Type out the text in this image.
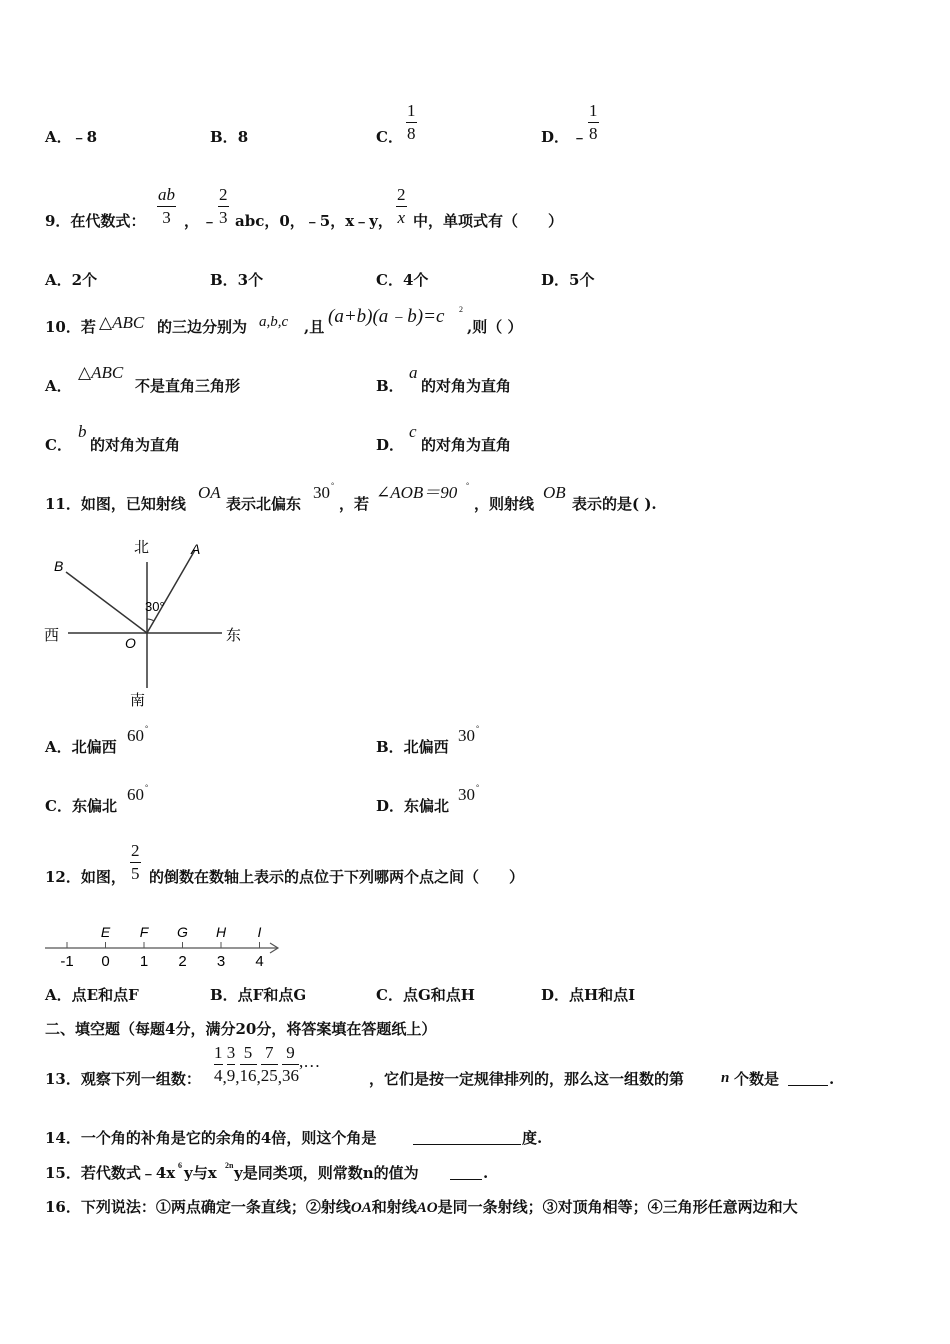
A．﹣8	B．8	C．
1
8	D． ﹣
1
8
9．在代数式：
ab
3 ， ﹣
2
3 abc，0，﹣5，x﹣y，
2
x 中，单项式有（　　）
A．2个	B．3个	C．4个	D．5个
10．若 △ABC 的三边分别为 a,b,c ,且 (a+b)(a﹣b)=c 2
,则（ ）
A．
△ABC
不是直角三角形	B．
a
的对角为直角
C．
b
的对角为直角	D．
c
的对角为直角
11．如图，已知射线
OA
表示北偏东
30 °
，若
∠AOB＝90 °
，则射线
OB
表示的是( ).
北
南
西	东
A
B
O
30°
A．北偏西
60 °
B．北偏西
30 °
C．东偏北
60 °
D．东偏北
30 °
12．如图，
2
5 的倒数在数轴上表示的点位于下列哪两个点之间（　　）
-1 0
E
1
F
2
G
3
H
4
I
A．点E和点F	B．点F和点G	C．点G和点H	D．点H和点I
二、填空题（每题4分，满分20分，将答案填在答题纸上）
13．观察下列一组数：
1
4 ,
3
9 ,
5
16 ,
7
25 ,
9
36
,…
，它们是按一定规律排列的，那么这一组数的第 n 个数是	.
14．一个角的补角是它的余角的4倍，则这个角是	度.
15．若代数式﹣4x 6 y与x 2n y是同类项，则常数n的值为	.
16．下列说法：①两点确定一条直线；②射线OA和射线AO是同一条射线；③对顶角相等；④三角形任意两边和大
